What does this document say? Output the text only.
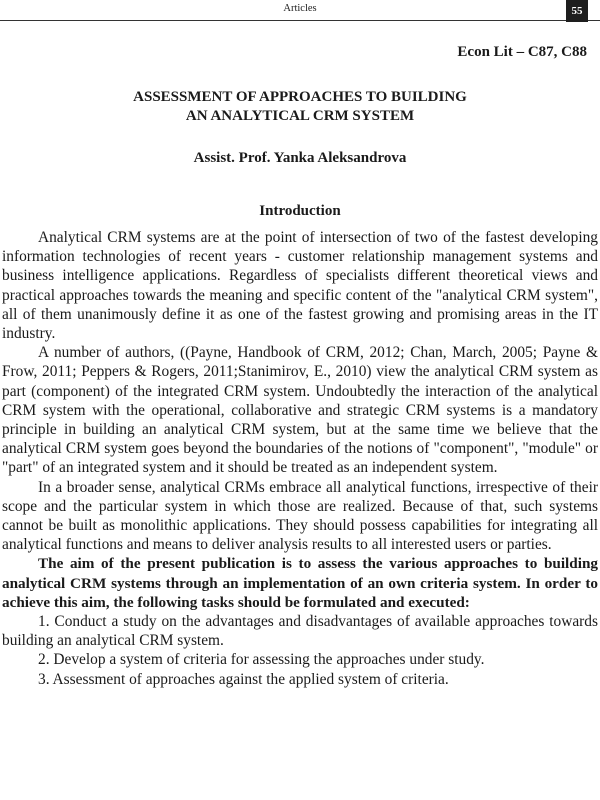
Articles	55
Econ Lit – C87, C88
ASSESSMENT OF APPROACHES TO BUILDING
AN ANALYTICAL CRM SYSTEM
Assist. Prof. Yanka Aleksandrova
Introduction

Analytical CRM systems are at the point of intersection of two of the fastest developing information technologies of recent years - customer relationship management systems and business intelligence applications. Regardless of specialists different theoretical views and practical approaches towards the meaning and specific content of the "analytical CRM system", all of them unanimously define it as one of the fastest growing and promising areas in the IT industry.

A number of authors, ((Payne, Handbook of CRM, 2012; Chan, March, 2005; Payne & Frow, 2011; Peppers & Rogers, 2011;Stanimirov, E., 2010) view the analytical CRM system as part (component) of the integrated CRM system. Undoubtedly the interaction of the analytical CRM system with the operational, collaborative and strategic CRM systems is a mandatory principle in building an analytical CRM system, but at the same time we believe that the analytical CRM system goes beyond the boundaries of the notions of "component", "module" or "part" of an integrated system and it should be treated as an independent system.

In a broader sense, analytical CRMs embrace all analytical functions, irrespective of their scope and the particular system in which those are realized. Because of that, such systems cannot be built as monolithic applications. They should possess capabilities for integrating all analytical functions and means to deliver analysis results to all interested users or parties.

The aim of the present publication is to assess the various approaches to building analytical CRM systems through an implementation of an own criteria system. In order to achieve this aim, the following tasks should be formulated and executed:

1. Conduct a study on the advantages and disadvantages of available approaches towards building an analytical CRM system.

2. Develop a system of criteria for assessing the approaches under study.

3. Assessment of approaches against the applied system of criteria.
